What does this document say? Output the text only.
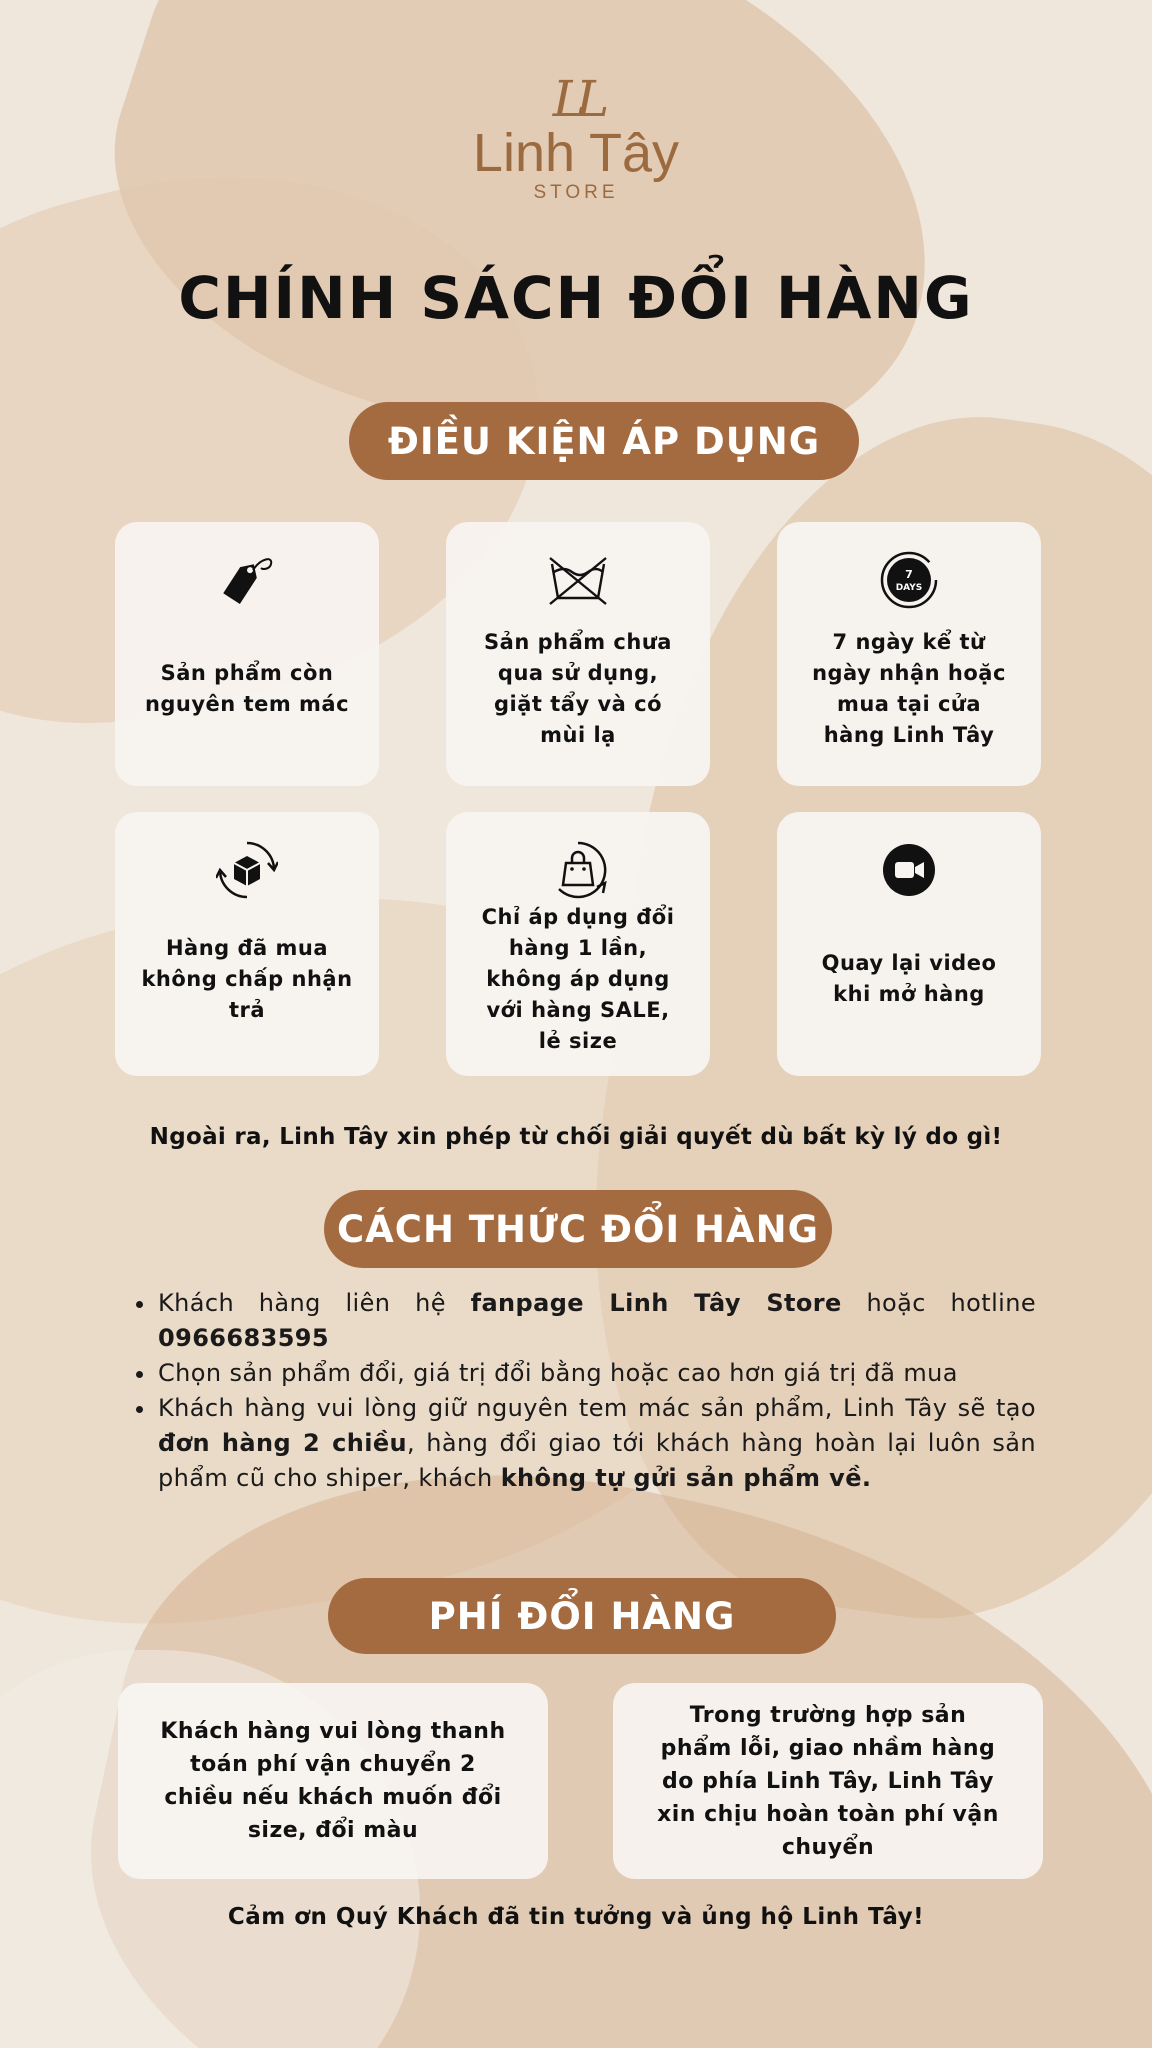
LL
Linh Tây
STORE
CHÍNH SÁCH ĐỔI HÀNG
ĐIỀU KIỆN ÁP DỤNG
Sản phẩm còn nguyên tem mác
Sản phẩm chưa qua sử dụng, giặt tẩy và có mùi lạ
7
DAYS
7 ngày kể từ ngày nhận hoặc mua tại cửa hàng Linh Tây
Hàng đã mua không chấp nhận trả
Chỉ áp dụng đổi hàng 1 lần, không áp dụng với hàng SALE, lẻ size
Quay lại video khi mở hàng
Ngoài ra, Linh Tây xin phép từ chối giải quyết dù bất kỳ lý do gì!
CÁCH THỨC ĐỔI HÀNG
Khách hàng liên hệ fanpage Linh Tây Store hoặc hotline 0966683595
Chọn sản phẩm đổi, giá trị đổi bằng hoặc cao hơn giá trị đã mua
Khách hàng vui lòng giữ nguyên tem mác sản phẩm, Linh Tây sẽ tạo đơn hàng 2 chiều, hàng đổi giao tới khách hàng hoàn lại luôn sản phẩm cũ cho shiper, khách không tự gửi sản phẩm về.
PHÍ ĐỔI HÀNG
Khách hàng vui lòng thanh toán phí vận chuyển 2 chiều nếu khách muốn đổi size, đổi màu
Trong trường hợp sản phẩm lỗi, giao nhầm hàng do phía Linh Tây, Linh Tây xin chịu hoàn toàn phí vận chuyển
Cảm ơn Quý Khách đã tin tưởng và ủng hộ Linh Tây!
